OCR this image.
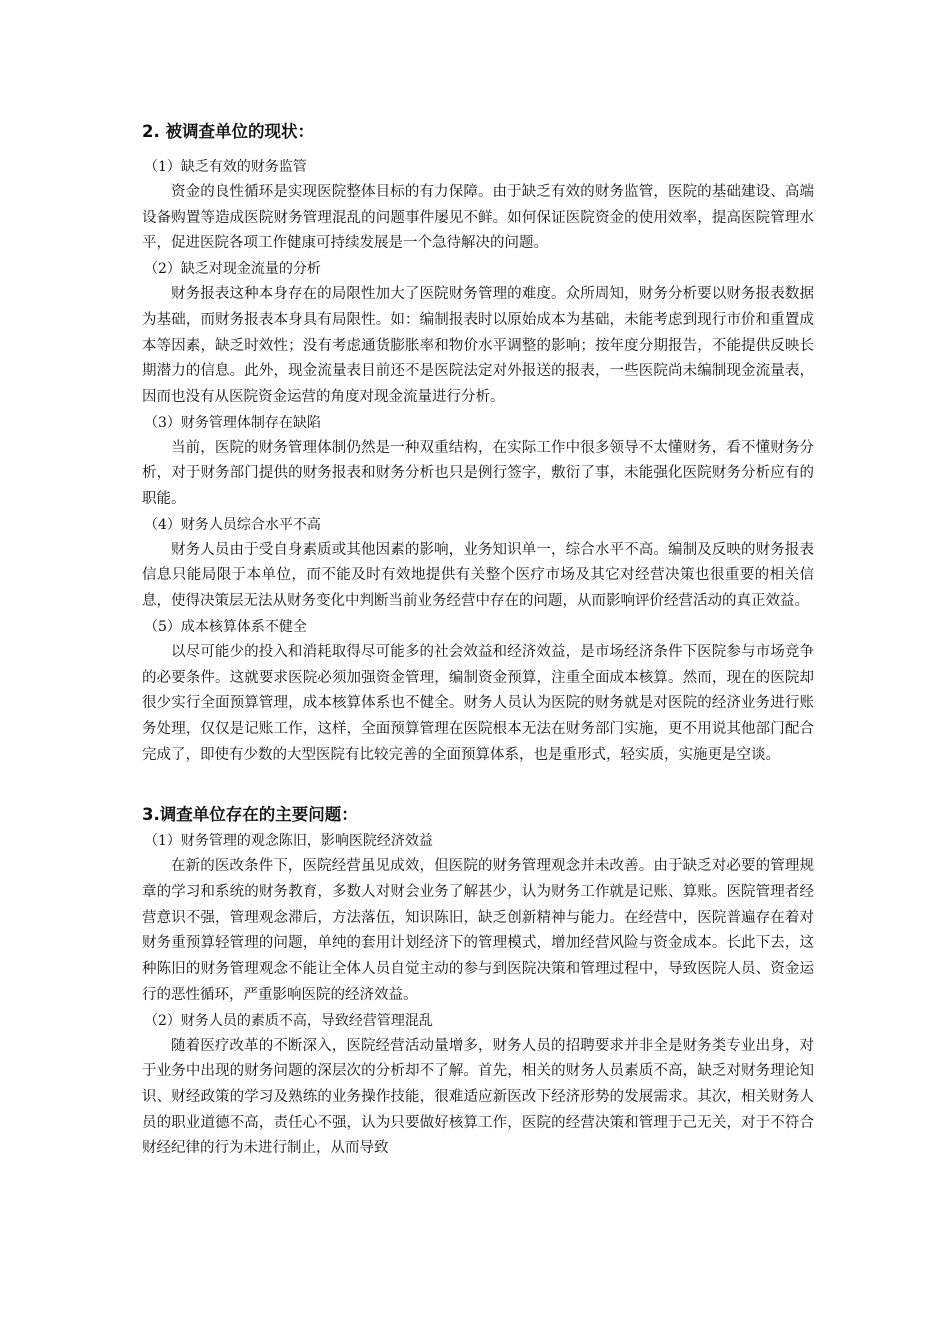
2. 被调查单位的现状：

（1）缺乏有效的财务监管

资金的良性循环是实现医院整体目标的有力保障。由于缺乏有效的财务监管，医院的基础建设、高端设备购置等造成医院财务管理混乱的问题事件屡见不鲜。如何保证医院资金的使用效率，提高医院管理水平，促进医院各项工作健康可持续发展是一个急待解决的问题。

（2）缺乏对现金流量的分析

财务报表这种本身存在的局限性加大了医院财务管理的难度。众所周知，财务分析要以财务报表数据为基础，而财务报表本身具有局限性。如：编制报表时以原始成本为基础，未能考虑到现行市价和重置成本等因素，缺乏时效性；没有考虑通货膨胀率和物价水平调整的影响；按年度分期报告，不能提供反映长期潜力的信息。此外，现金流量表目前还不是医院法定对外报送的报表，一些医院尚未编制现金流量表，因而也没有从医院资金运营的角度对现金流量进行分析。

（3）财务管理体制存在缺陷

当前，医院的财务管理体制仍然是一种双重结构，在实际工作中很多领导不太懂财务，看不懂财务分析，对于财务部门提供的财务报表和财务分析也只是例行签字，敷衍了事，未能强化医院财务分析应有的职能。

（4）财务人员综合水平不高

财务人员由于受自身素质或其他因素的影响，业务知识单一，综合水平不高。编制及反映的财务报表信息只能局限于本单位，而不能及时有效地提供有关整个医疗市场及其它对经营决策也很重要的相关信息，使得决策层无法从财务变化中判断当前业务经营中存在的问题，从而影响评价经营活动的真正效益。

（5）成本核算体系不健全

以尽可能少的投入和消耗取得尽可能多的社会效益和经济效益，是市场经济条件下医院参与市场竞争的必要条件。这就要求医院必须加强资金管理，编制资金预算，注重全面成本核算。然而，现在的医院却很少实行全面预算管理，成本核算体系也不健全。财务人员认为医院的财务就是对医院的经济业务进行账务处理，仅仅是记账工作，这样，全面预算管理在医院根本无法在财务部门实施，更不用说其他部门配合完成了，即使有少数的大型医院有比较完善的全面预算体系，也是重形式，轻实质，实施更是空谈。

3.调查单位存在的主要问题：

（1）财务管理的观念陈旧，影响医院经济效益

在新的医改条件下，医院经营虽见成效，但医院的财务管理观念并未改善。由于缺乏对必要的管理规章的学习和系统的财务教育，多数人对财会业务了解甚少，认为财务工作就是记账、算账。医院管理者经营意识不强，管理观念滞后，方法落伍，知识陈旧，缺乏创新精神与能力。在经营中，医院普遍存在着对财务重预算轻管理的问题，单纯的套用计划经济下的管理模式，增加经营风险与资金成本。长此下去，这种陈旧的财务管理观念不能让全体人员自觉主动的参与到医院决策和管理过程中，导致医院人员、资金运行的恶性循环，严重影响医院的经济效益。

（2）财务人员的素质不高，导致经营管理混乱

随着医疗改革的不断深入，医院经营活动量增多，财务人员的招聘要求并非全是财务类专业出身，对于业务中出现的财务问题的深层次的分析却不了解。首先，相关的财务人员素质不高，缺乏对财务理论知识、财经政策的学习及熟练的业务操作技能，很难适应新医改下经济形势的发展需求。其次，相关财务人员的职业道德不高，责任心不强，认为只要做好核算工作，医院的经营决策和管理于己无关，对于不符合财经纪律的行为未进行制止，从而导致
